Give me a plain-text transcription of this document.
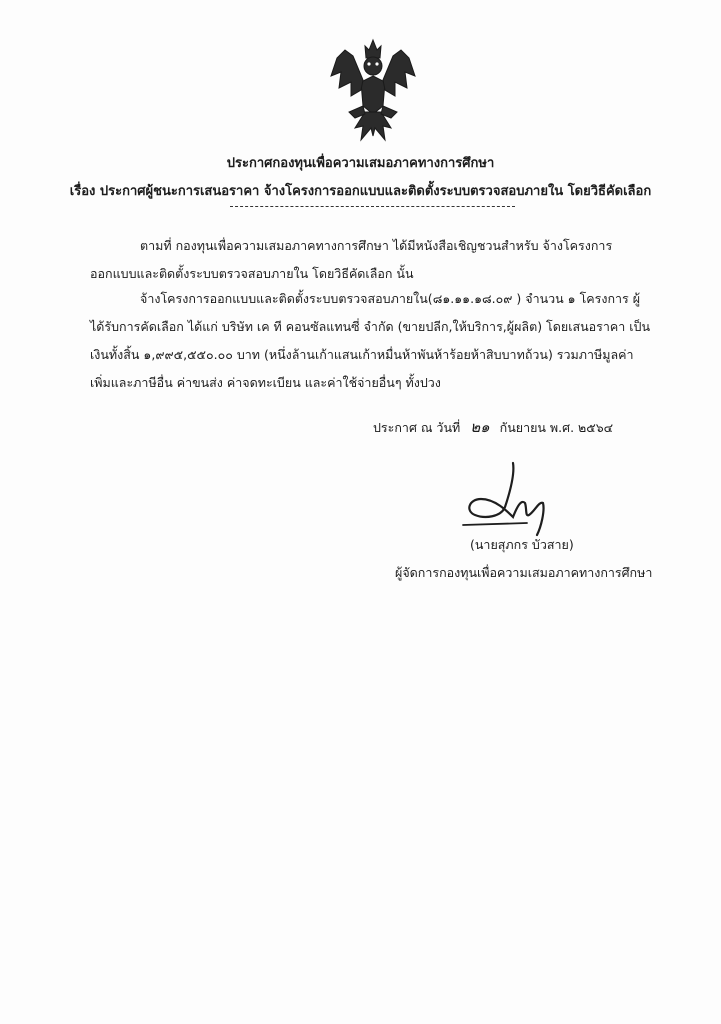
ประกาศกองทุนเพื่อความเสมอภาคทางการศึกษา
เรื่อง ประกาศผู้ชนะการเสนอราคา จ้างโครงการออกแบบและติดตั้งระบบตรวจสอบภายใน โดยวิธีคัดเลือก
ตามที่ กองทุนเพื่อความเสมอภาคทางการศึกษา ได้มีหนังสือเชิญชวนสำหรับ จ้างโครงการออกแบบและติดตั้งระบบตรวจสอบภายใน โดยวิธีคัดเลือก นั้น
จ้างโครงการออกแบบและติดตั้งระบบตรวจสอบภายใน(๘๑.๑๑.๑๘.๐๙ ) จำนวน ๑ โครงการ ผู้ได้รับการคัดเลือก ได้แก่ บริษัท เค ที คอนซัลแทนซี่ จำกัด (ขายปลีก,ให้บริการ,ผู้ผลิต) โดยเสนอราคา เป็นเงินทั้งสิ้น ๑,๙๙๕,๕๕๐.๐๐ บาท (หนึ่งล้านเก้าแสนเก้าหมื่นห้าพันห้าร้อยห้าสิบบาทถ้วน) รวมภาษีมูลค่าเพิ่มและภาษีอื่น ค่าขนส่ง ค่าจดทะเบียน และค่าใช้จ่ายอื่นๆ ทั้งปวง
ประกาศ ณ วันที่ ๒๑ กันยายน พ.ศ. ๒๕๖๔
(นายสุภกร บัวสาย)
ผู้จัดการกองทุนเพื่อความเสมอภาคทางการศึกษา
